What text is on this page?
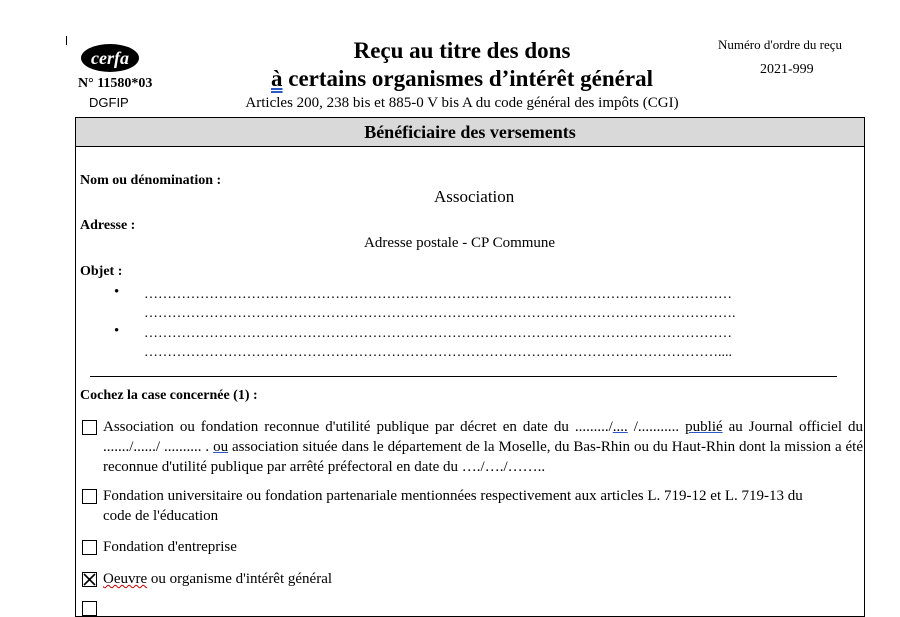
cerfa
N° 11580*03
DGFIP
Reçu au titre des dons
à certains organismes d’intérêt général
Articles 200, 238 bis et 885-0 V bis A du code général des impôts (CGI)
Numéro d'ordre du reçu
2021-999
Bénéficiaire des versements
Nom ou dénomination :
Association
Adresse :
Adresse postale - CP Commune
Objet :
•
•
………………………………………………………………………………………………………………
……………………………………………………………………………………………………………….
………………………………………………………………………………………………………………
……………………………………………………………………………………………………………....
Cochez la case concernée (1) :
Association ou fondation reconnue d'utilité publique par décret en date du ........./.... /........... publié au Journal officiel du ......./....../ .......... . ou association située dans le département de la Moselle, du Bas-Rhin ou du Haut-Rhin dont la mission a été reconnue d'utilité publique par arrêté préfectoral en date du …./…./……..
Fondation universitaire ou fondation partenariale mentionnées respectivement aux articles L. 719-12 et L. 719-13 du code de l'éducation
Fondation d'entreprise
Oeuvre ou organisme d'intérêt général
